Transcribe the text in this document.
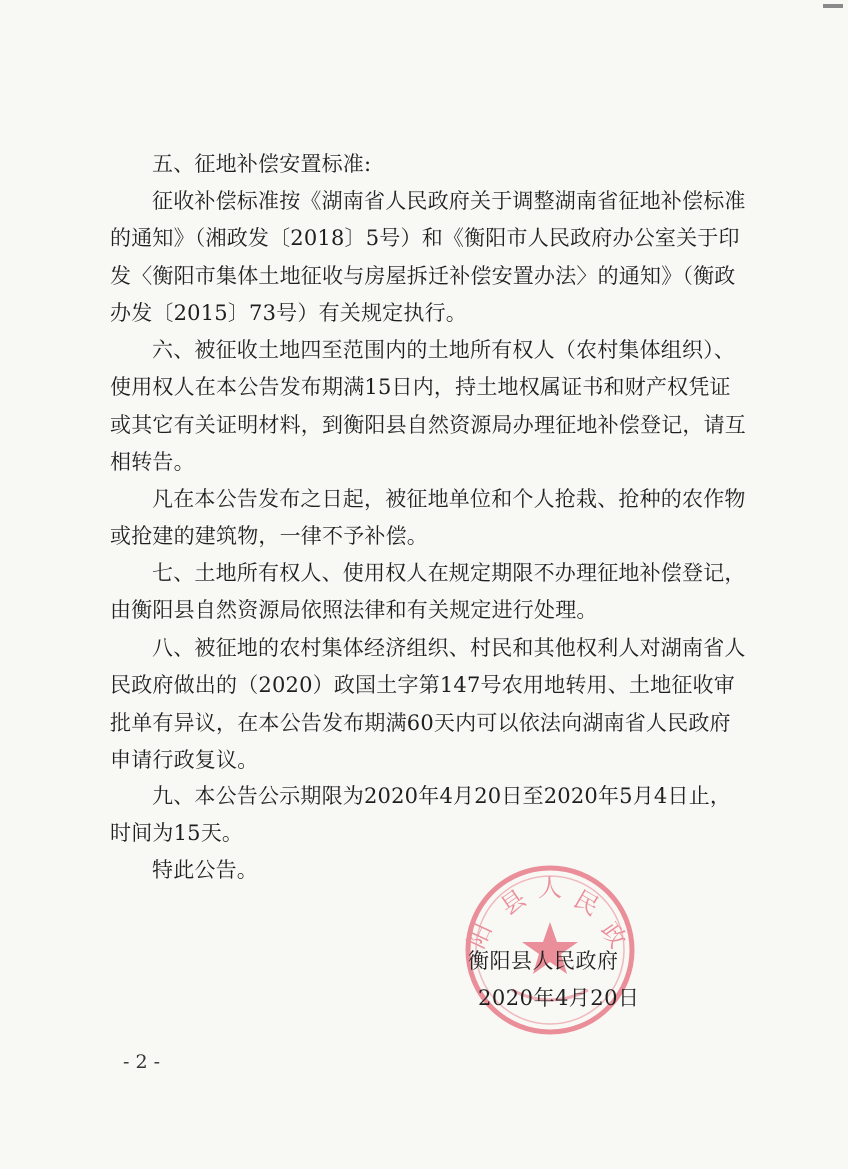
五、征地补偿安置标准:

征收补偿标准按《湖南省人民政府关于调整湖南省征地补偿标准的通知》（湘政发〔2018〕5号）和《衡阳市人民政府办公室关于印发〈衡阳市集体土地征收与房屋拆迁补偿安置办法〉的通知》（衡政办发〔2015〕73号）有关规定执行。

六、被征收土地四至范围内的土地所有权人（农村集体组织）、使用权人在本公告发布期满15日内，持土地权属证书和财产权凭证或其它有关证明材料，到衡阳县自然资源局办理征地补偿登记，请互相转告。

凡在本公告发布之日起，被征地单位和个人抢栽、抢种的农作物或抢建的建筑物，一律不予补偿。

七、土地所有权人、使用权人在规定期限不办理征地补偿登记，由衡阳县自然资源局依照法律和有关规定进行处理。

八、被征地的农村集体经济组织、村民和其他权利人对湖南省人民政府做出的（2020）政国土字第147号农用地转用、土地征收审批单有异议，在本公告发布期满60天内可以依法向湖南省人民政府申请行政复议。

九、本公告公示期限为2020年4月20日至2020年5月4日止，时间为15天。

特此公告。

县 人 民
政
阳
衡阳县人民政府
2020年4月20日
- 2 -
